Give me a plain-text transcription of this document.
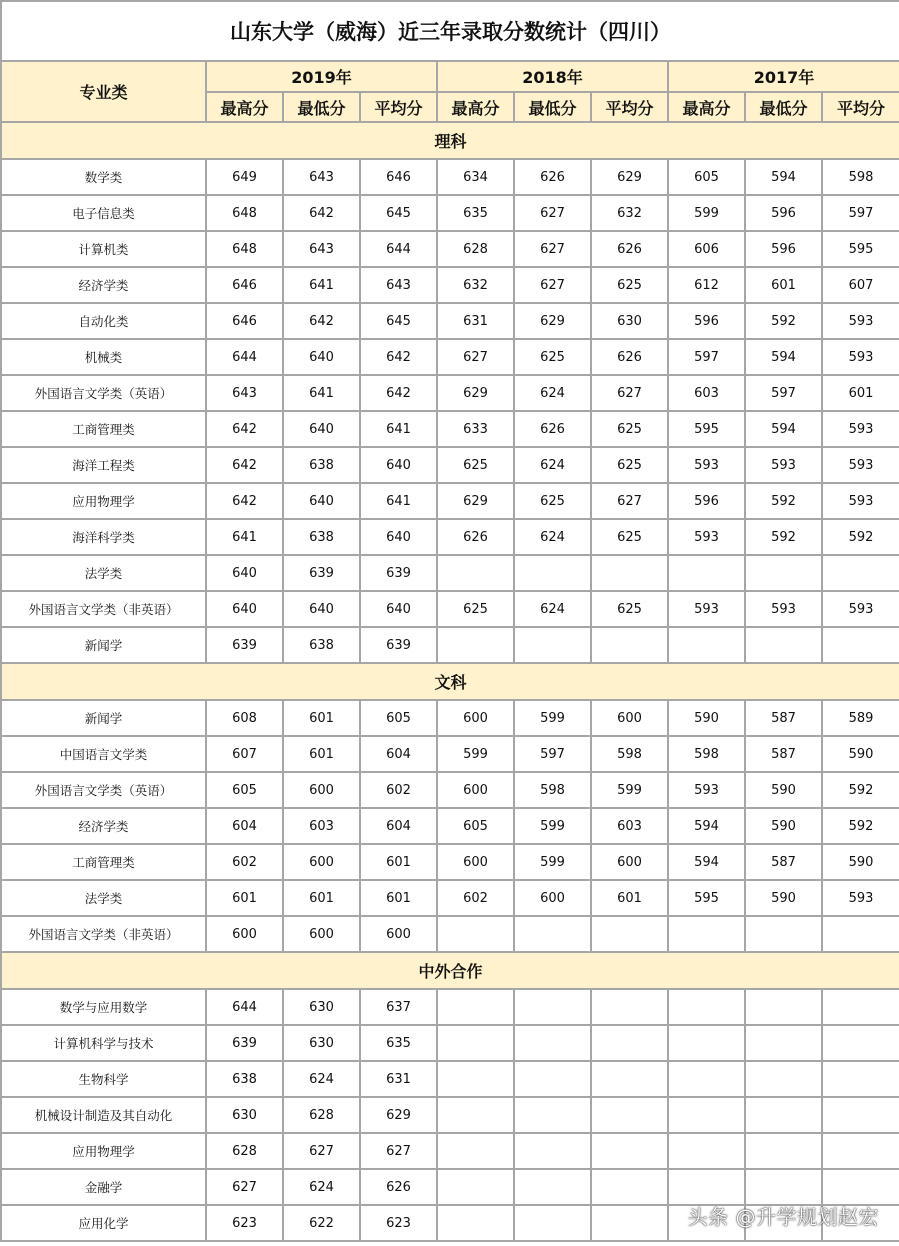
山东大学（威海）近三年录取分数统计（四川）									
专业类	2019年			2018年			2017年		
	最高分	最低分	平均分	最高分	最低分	平均分	最高分	最低分	平均分
理科									
数学类	649	643	646	634	626	629	605	594	598
电子信息类	648	642	645	635	627	632	599	596	597
计算机类	648	643	644	628	627	626	606	596	595
经济学类	646	641	643	632	627	625	612	601	607
自动化类	646	642	645	631	629	630	596	592	593
机械类	644	640	642	627	625	626	597	594	593
外国语言文学类（英语）	643	641	642	629	624	627	603	597	601
工商管理类	642	640	641	633	626	625	595	594	593
海洋工程类	642	638	640	625	624	625	593	593	593
应用物理学	642	640	641	629	625	627	596	592	593
海洋科学类	641	638	640	626	624	625	593	592	592
法学类	640	639	639						
外国语言文学类（非英语）	640	640	640	625	624	625	593	593	593
新闻学	639	638	639						
文科									
新闻学	608	601	605	600	599	600	590	587	589
中国语言文学类	607	601	604	599	597	598	598	587	590
外国语言文学类（英语）	605	600	602	600	598	599	593	590	592
经济学类	604	603	604	605	599	603	594	590	592
工商管理类	602	600	601	600	599	600	594	587	590
法学类	601	601	601	602	600	601	595	590	593
外国语言文学类（非英语）	600	600	600						
中外合作									
数学与应用数学	644	630	637						
计算机科学与技术	639	630	635						
生物科学	638	624	631						
机械设计制造及其自动化	630	628	629						
应用物理学	628	627	627						
金融学	627	624	626						
应用化学	623	622	623							头条 @升学规划赵宏
